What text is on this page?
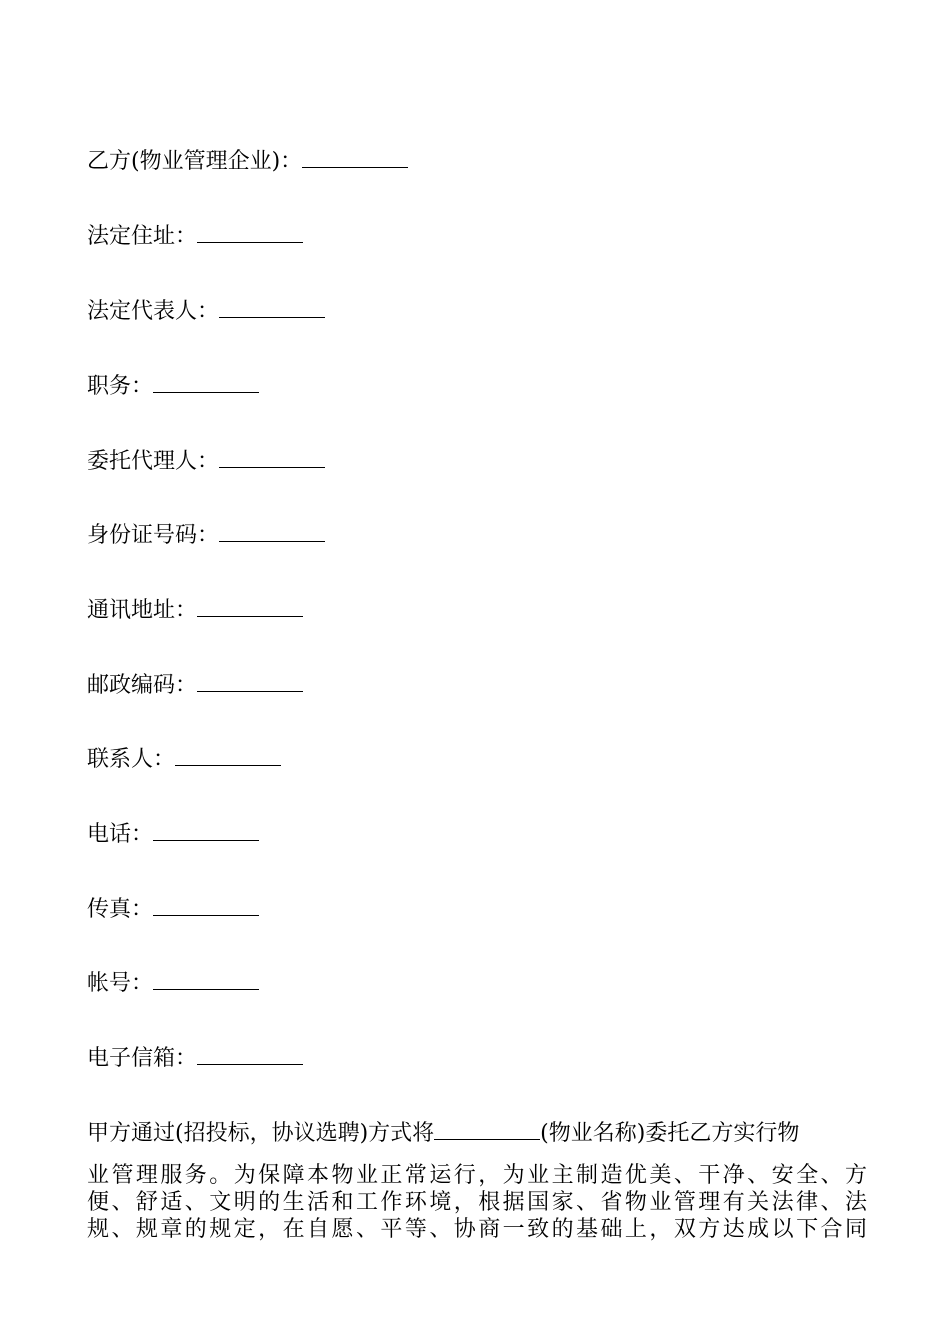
乙方(物业管理企业)：
法定住址：
法定代表人：
职务：
委托代理人：
身份证号码：
通讯地址：
邮政编码：
联系人：
电话：
传真：
帐号：
电子信箱：
甲方通过(招投标，协议选聘)方式将	(物业名称)委托乙方实行物
业管理服务。为保障本物业正常运行，为业主制造优美、干净、安全、方
便、舒适、文明的生活和工作环境，根据国家、省物业管理有关法律、法
规、规章的规定，在自愿、平等、协商一致的基础上，双方达成以下合同
